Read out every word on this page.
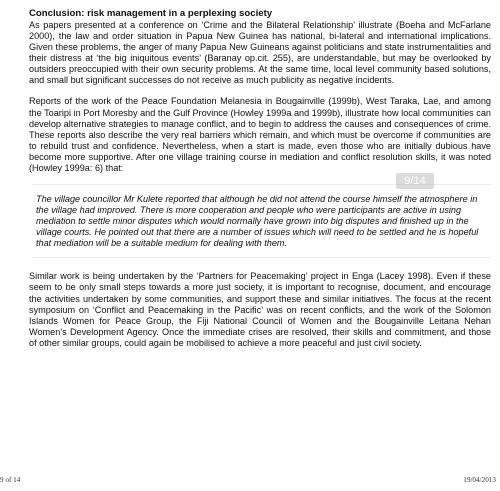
Conclusion: risk management in a perplexing society

As papers presented at a conference on ‘Crime and the Bilateral Relationship’ illustrate (Boeha and McFarlane 2000), the law and order situation in Papua New Guinea has national, bi-lateral and international implications. Given these problems, the anger of many Papua New Guineans against politicians and state instrumentalities and their distress at ‘the big iniquitous events’ (Baranay op.cit. 255), are understandable, but may be overlooked by outsiders preoccupied with their own security problems. At the same time, local level community based solutions, and small but significant successes do not receive as much publicity as negative incidents.

Reports of the work of the Peace Foundation Melanesia in Bougainville (1999b), West Taraka, Lae, and among the Toaripi in Port Moresby and the Gulf Province (Howley 1999a and 1999b), illustrate how local communities can develop alternative strategies to manage conflict, and to begin to address the causes and consequences of crime. These reports also describe the very real barriers which remain, and which must be overcome if communities are to rebuild trust and confidence. Nevertheless, when a start is made, even those who are initially dubious have become more supportive. After one village training course in mediation and conflict resolution skills, it was noted (Howley 1999a: 6) that:

The village councillor Mr Kulete reported that although he did not attend the course himself the atmosphere in the village had improved. There is more cooperation and people who were participants are active in using mediation to settle minor disputes which would normally have grown into big disputes and finished up in the village courts. He pointed out that there are a number of issues which will need to be settled and he is hopeful that mediation will be a suitable medium for dealing with them.

Similar work is being undertaken by the ‘Partners for Peacemaking’ project in Enga (Lacey 1998). Even if these seem to be only small steps towards a more just society, it is important to recognise, document, and encourage the activities undertaken by some communities, and support these and similar initiatives. The focus at the recent symposium on ‘Conflict and Peacemaking in the Pacific’ was on recent conflicts, and the work of the Solomon Islands Women for Peace Group, the Fiji National Council of Women and the Bougainville Leitana Nehan Women’s Development Agency. Once the immediate crises are resolved, their skills and commitment, and those of other similar groups, could again be mobilised to achieve a more peaceful and just civil society.

9/14
9 of 14	19/04/2013
